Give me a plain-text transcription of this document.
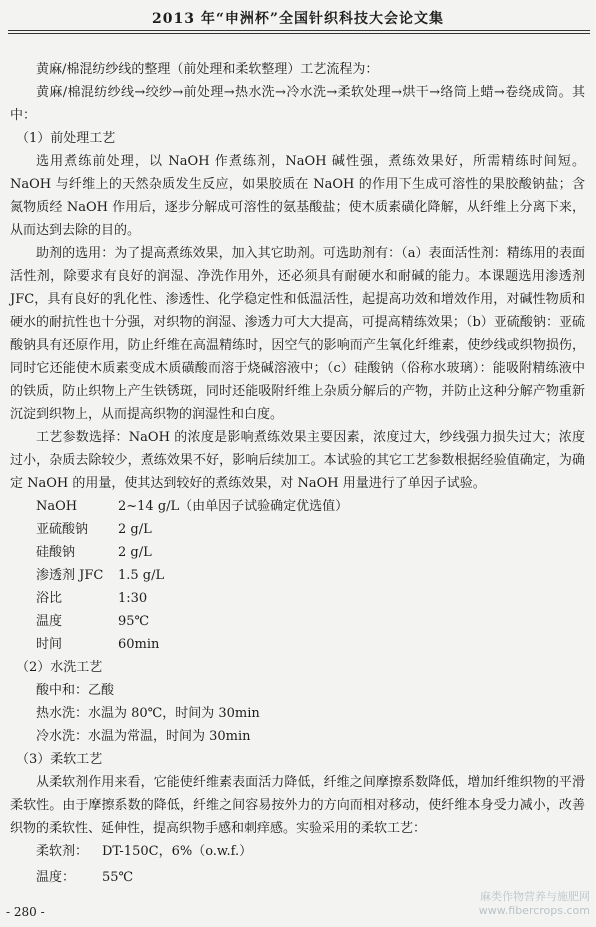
2013 年“申洲杯”全国针织科技大会论文集

黄麻/棉混纺纱线的整理（前处理和柔软整理）工艺流程为：

黄麻/棉混纺纱线→绞纱→前处理→热水洗→冷水洗→柔软处理→烘干→络筒上蜡→卷绕成筒。其中：

（1）前处理工艺

选用煮练前处理，以 NaOH 作煮练剂，NaOH 碱性强，煮练效果好，所需精练时间短。NaOH 与纤维上的天然杂质发生反应，如果胶质在 NaOH 的作用下生成可溶性的果胶酸钠盐；含氮物质经 NaOH 作用后，逐步分解成可溶性的氨基酸盐；使木质素磺化降解，从纤维上分离下来，从而达到去除的目的。

助剂的选用：为了提高煮练效果，加入其它助剂。可选助剂有：（a）表面活性剂：精练用的表面活性剂，除要求有良好的润湿、净洗作用外，还必须具有耐硬水和耐碱的能力。本课题选用渗透剂 JFC，具有良好的乳化性、渗透性、化学稳定性和低温活性，起提高功效和增效作用，对碱性物质和硬水的耐抗性也十分强，对织物的润湿、渗透力可大大提高，可提高精练效果；（b）亚硫酸钠：亚硫酸钠具有还原作用，防止纤维在高温精练时，因空气的影响而产生氧化纤维素，使纱线或织物损伤，同时它还能使木质素变成木质磺酸而溶于烧碱溶液中；（c）硅酸钠（俗称水玻璃）：能吸附精练液中的铁质，防止织物上产生铁锈斑，同时还能吸附纤维上杂质分解后的产物，并防止这种分解产物重新沉淀到织物上，从而提高织物的润湿性和白度。

工艺参数选择：NaOH 的浓度是影响煮练效果主要因素，浓度过大，纱线强力损失过大；浓度过小，杂质去除较少，煮练效果不好，影响后续加工。本试验的其它工艺参数根据经验值确定，为确定 NaOH 的用量，使其达到较好的煮练效果，对 NaOH 用量进行了单因子试验。

NaOH	2~14 g/L（由单因子试验确定优选值）
亚硫酸钠	2 g/L
硅酸钠	2 g/L
渗透剂 JFC	1.5 g/L
浴比	1:30
温度	95℃
时间	60min

（2）水洗工艺

酸中和：乙酸

热水洗：水温为 80℃，时间为 30min

冷水洗：水温为常温，时间为 30min

（3）柔软工艺

从柔软剂作用来看，它能使纤维素表面活力降低，纤维之间摩擦系数降低，增加纤维织物的平滑柔软性。由于摩擦系数的降低，纤维之间容易按外力的方向而相对移动，使纤维本身受力减小，改善织物的柔软性、延伸性，提高织物手感和刺痒感。实验采用的柔软工艺：

柔软剂：	DT-150C，6%（o.w.f.）
温度：	55℃
- 280 -
麻类作物营养与施肥网
www.fibercrops.com
